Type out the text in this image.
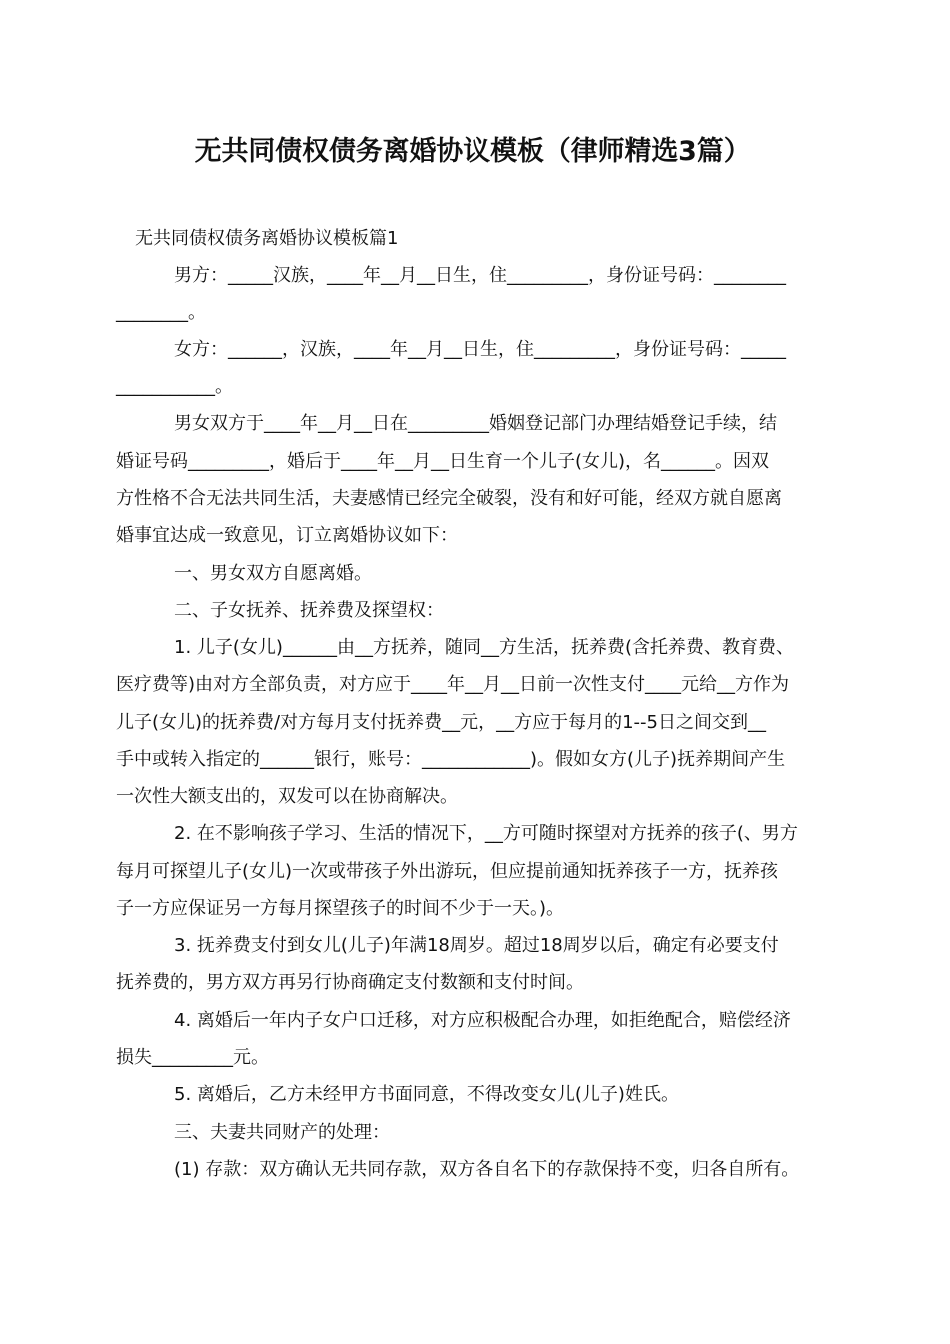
无共同债权债务离婚协议模板（律师精选3篇）
无共同债权债务离婚协议模板篇1
男方：_____汉族，____年__月__日生，住_________，身份证号码：________
________。
女方：______，汉族，____年__月__日生，住_________，身份证号码：_____
___________。
男女双方于____年__月__日在_________婚姻登记部门办理结婚登记手续，结
婚证号码_________，婚后于____年__月__日生育一个儿子(女儿)，名______。因双
方性格不合无法共同生活，夫妻感情已经完全破裂，没有和好可能，经双方就自愿离
婚事宜达成一致意见，订立离婚协议如下：
一、男女双方自愿离婚。
二、子女抚养、抚养费及探望权：
1. 儿子(女儿)______由__方抚养，随同__方生活，抚养费(含托养费、教育费、
医疗费等)由对方全部负责，对方应于____年__月__日前一次性支付____元给__方作为
儿子(女儿)的抚养费/对方每月支付抚养费__元，__方应于每月的1--5日之间交到__
手中或转入指定的______银行，账号：____________)。假如女方(儿子)抚养期间产生
一次性大额支出的，双发可以在协商解决。
2. 在不影响孩子学习、生活的情况下，__方可随时探望对方抚养的孩子(、男方
每月可探望儿子(女儿)一次或带孩子外出游玩，但应提前通知抚养孩子一方，抚养孩
子一方应保证另一方每月探望孩子的时间不少于一天。)。
3. 抚养费支付到女儿(儿子)年满18周岁。超过18周岁以后，确定有必要支付
抚养费的，男方双方再另行协商确定支付数额和支付时间。
4. 离婚后一年内子女户口迁移，对方应积极配合办理，如拒绝配合，赔偿经济
损失_________元。
5. 离婚后，乙方未经甲方书面同意，不得改变女儿(儿子)姓氏。
三、夫妻共同财产的处理：
(1) 存款：双方确认无共同存款，双方各自名下的存款保持不变，归各自所有。
